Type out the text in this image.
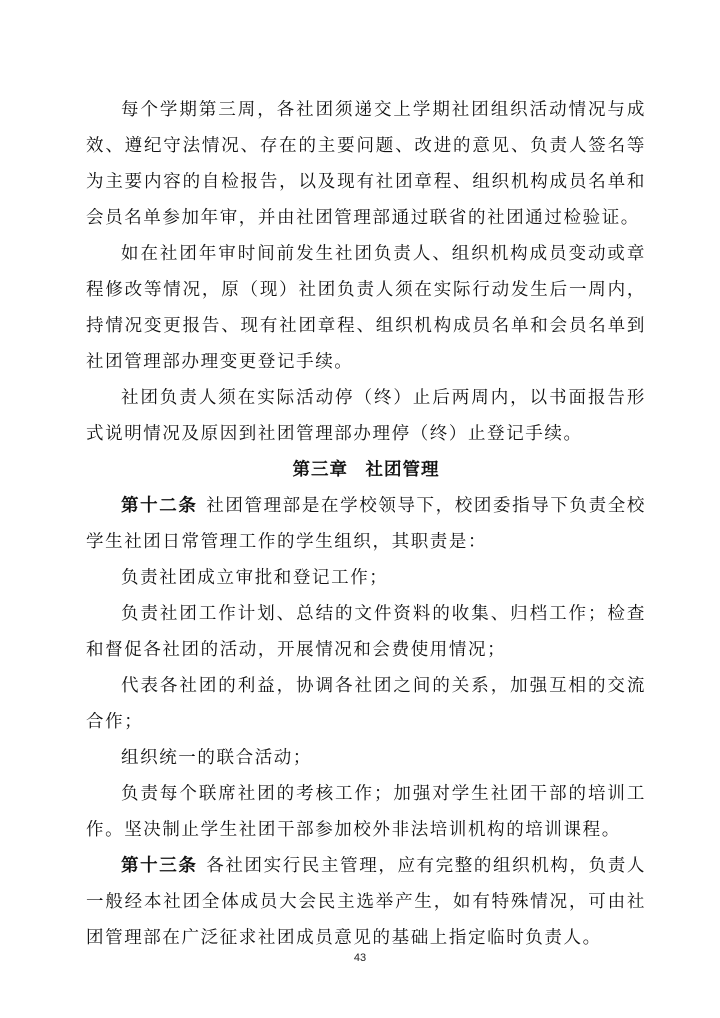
每个学期第三周，各社团须递交上学期社团组织活动情况与成效、遵纪守法情况、存在的主要问题、改进的意见、负责人签名等为主要内容的自检报告，以及现有社团章程、组织机构成员名单和会员名单参加年审，并由社团管理部通过联省的社团通过检验证。

如在社团年审时间前发生社团负责人、组织机构成员变动或章程修改等情况，原（现）社团负责人须在实际行动发生后一周内，持情况变更报告、现有社团章程、组织机构成员名单和会员名单到社团管理部办理变更登记手续。

社团负责人须在实际活动停（终）止后两周内，以书面报告形式说明情况及原因到社团管理部办理停（终）止登记手续。

第三章 社团管理

第十二条 社团管理部是在学校领导下，校团委指导下负责全校学生社团日常管理工作的学生组织，其职责是：

负责社团成立审批和登记工作；

负责社团工作计划、总结的文件资料的收集、归档工作；检查和督促各社团的活动，开展情况和会费使用情况；

代表各社团的利益，协调各社团之间的关系，加强互相的交流合作；

组织统一的联合活动；

负责每个联席社团的考核工作；加强对学生社团干部的培训工作。坚决制止学生社团干部参加校外非法培训机构的培训课程。

第十三条 各社团实行民主管理，应有完整的组织机构，负责人一般经本社团全体成员大会民主选举产生，如有特殊情况，可由社团管理部在广泛征求社团成员意见的基础上指定临时负责人。

43
